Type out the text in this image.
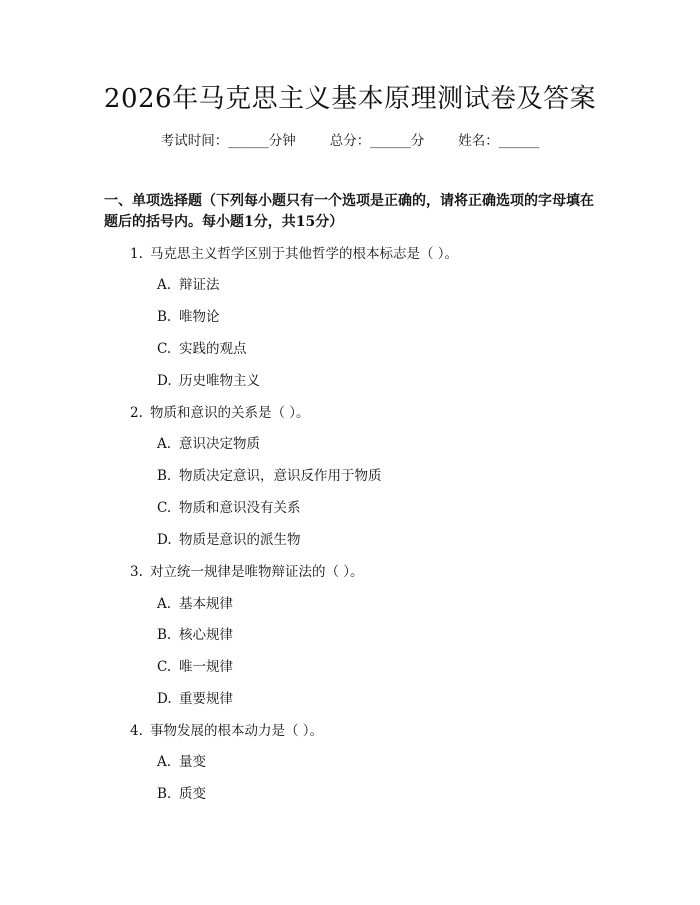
2026年马克思主义基本原理测试卷及答案
考试时间：______分钟	总分：______分	姓名：______
一、单项选择题（下列每小题只有一个选项是正确的，请将正确选项的字母填在题后的括号内。每小题1分，共15分）
1. 马克思主义哲学区别于其他哲学的根本标志是（ ）。
A. 辩证法
B. 唯物论
C. 实践的观点
D. 历史唯物主义
2. 物质和意识的关系是（ ）。
A. 意识决定物质
B. 物质决定意识，意识反作用于物质
C. 物质和意识没有关系
D. 物质是意识的派生物
3. 对立统一规律是唯物辩证法的（ ）。
A. 基本规律
B. 核心规律
C. 唯一规律
D. 重要规律
4. 事物发展的根本动力是（ ）。
A. 量变
B. 质变
